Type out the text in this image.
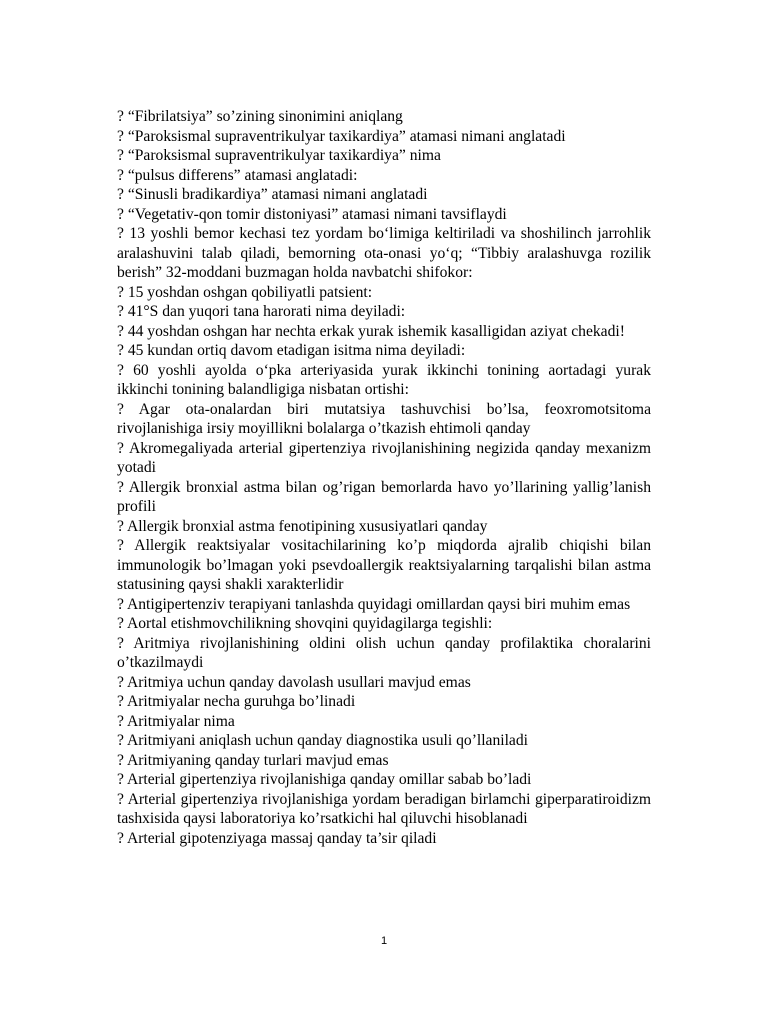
? “Fibrilatsiya” so’zining sinonimini aniqlang

? “Paroksismal supraventrikulyar taxikardiya” atamasi nimani anglatadi

? “Paroksismal supraventrikulyar taxikardiya” nima

? “pulsus differens” atamasi anglatadi:

? “Sinusli bradikardiya” atamasi nimani anglatadi

? “Vegetativ-qon tomir distoniyasi” atamasi nimani tavsiflaydi

? 13 yoshli bemor kechasi tez yordam bo‘limiga keltiriladi va shoshilinch jarrohlik aralashuvini talab qiladi, bemorning ota-onasi yo‘q; “Tibbiy aralashuvga rozilik berish” 32-moddani buzmagan holda navbatchi shifokor:

? 15 yoshdan oshgan qobiliyatli patsient:

? 41°S dan yuqori tana harorati nima deyiladi:

? 44 yoshdan oshgan har nechta erkak yurak ishemik kasalligidan aziyat chekadi!

? 45 kundan ortiq davom etadigan isitma nima deyiladi:

? 60 yoshli ayolda o‘pka arteriyasida yurak ikkinchi tonining aortadagi yurak ikkinchi tonining balandligiga nisbatan ortishi:

? Agar ota-onalardan biri mutatsiya tashuvchisi bo’lsa, feoxromotsitoma rivojlanishiga irsiy moyillikni bolalarga o’tkazish ehtimoli qanday

? Akromegaliyada arterial gipertenziya rivojlanishining negizida qanday mexanizm yotadi

? Allergik bronxial astma bilan og’rigan bemorlarda havo yo’llarining yallig’lanish profili

? Allergik bronxial astma fenotipining xususiyatlari qanday

? Allergik reaktsiyalar vositachilarining ko’p miqdorda ajralib chiqishi bilan immunologik bo’lmagan yoki psevdoallergik reaktsiyalarning tarqalishi bilan astma statusining qaysi shakli xarakterlidir

? Antigipertenziv terapiyani tanlashda quyidagi omillardan qaysi biri muhim emas

? Aortal etishmovchilikning shovqini quyidagilarga tegishli:

? Aritmiya rivojlanishining oldini olish uchun qanday profilaktika choralarini o’tkazilmaydi

? Aritmiya uchun qanday davolash usullari mavjud emas

? Aritmiyalar necha guruhga bo’linadi

? Aritmiyalar nima

? Aritmiyani aniqlash uchun qanday diagnostika usuli qo’llaniladi

? Aritmiyaning qanday turlari mavjud emas

? Arterial gipertenziya rivojlanishiga qanday omillar sabab bo’ladi

? Arterial gipertenziya rivojlanishiga yordam beradigan birlamchi giperparatiroidizm tashxisida qaysi laboratoriya ko’rsatkichi hal qiluvchi hisoblanadi

? Arterial gipotenziyaga massaj qanday ta’sir qiladi

1
